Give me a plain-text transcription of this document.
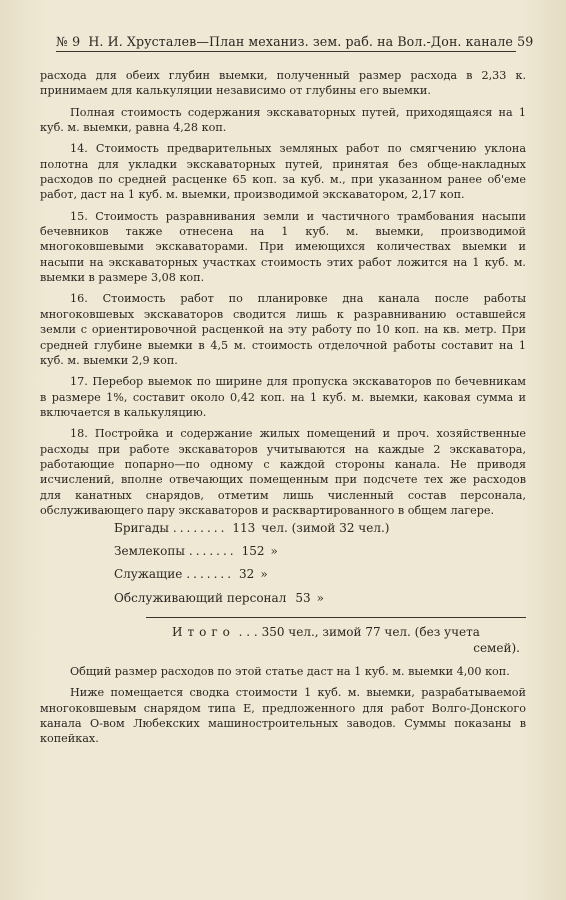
№ 9 Н. И. Хрусталев—План механиз. зем. раб. на Вол.-Дон. канале 59

расхода для обеих глубин выемки, полученный размер расхода в 2,33 к. принимаем для калькуляции независимо от глубины его выемки.

Полная стоимость содержания экскаваторных путей, приходящаяся на 1 куб. м. выемки, равна 4,28 коп.

14. Стоимость предварительных земляных работ по смягчению уклона полотна для укладки экскаваторных путей, принятая без обще-накладных расходов по средней расценке 65 коп. за куб. м., при указанном ранее об'еме работ, даст на 1 куб. м. выемки, производимой экскаватором, 2,17 коп.

15. Стоимость разравнивания земли и частичного трамбования насыпи бечевников также отнесена на 1 куб. м. выемки, производимой многоковшевыми экскаваторами. При имеющихся количествах выемки и насыпи на экскаваторных участках стоимость этих работ ложится на 1 куб. м. выемки в размере 3,08 коп.

16. Стоимость работ по планировке дна канала после работы многоковшевых экскаваторов сводится лишь к разравниванию оставшейся земли с ориентировочной расценкой на эту работу по 10 коп. на кв. метр. При средней глубине выемки в 4,5 м. стоимость отделочной работы составит на 1 куб. м. выемки 2,9 коп.

17. Перебор выемок по ширине для пропуска экскаваторов по бечевникам в размере 1%, составит около 0,42 коп. на 1 куб. м. выемки, каковая сумма и включается в калькуляцию.

18. Постройка и содержание жилых помещений и проч. хозяйственные расходы при работе экскаваторов учитываются на каждые 2 экскаватора, работающие попарно—по одному с каждой стороны канала. Не приводя исчислений, вполне отвечающих помещенным при подсчете тех же расходов для канатных снарядов, отметим лишь численный состав персонала, обслуживающего пару экскаваторов и расквартированного в общем лагере.

Бригады ........ 113 чел. (зимой 32 чел.)
Землекопы ....... 152 »
Служащие ....... 32 »
Обслуживающий персонал 53 »
Итого . . . 350 чел., зимой 77 чел. (без учета
семей).

Общий размер расходов по этой статье даст на 1 куб. м. выемки 4,00 коп.

Ниже помещается сводка стоимости 1 куб. м. выемки, разрабатываемой многоковшевым снарядом типа Е, предложенного для работ Волго-Донского канала О-вом Любекских машиностроительных заводов. Суммы показаны в копейках.
